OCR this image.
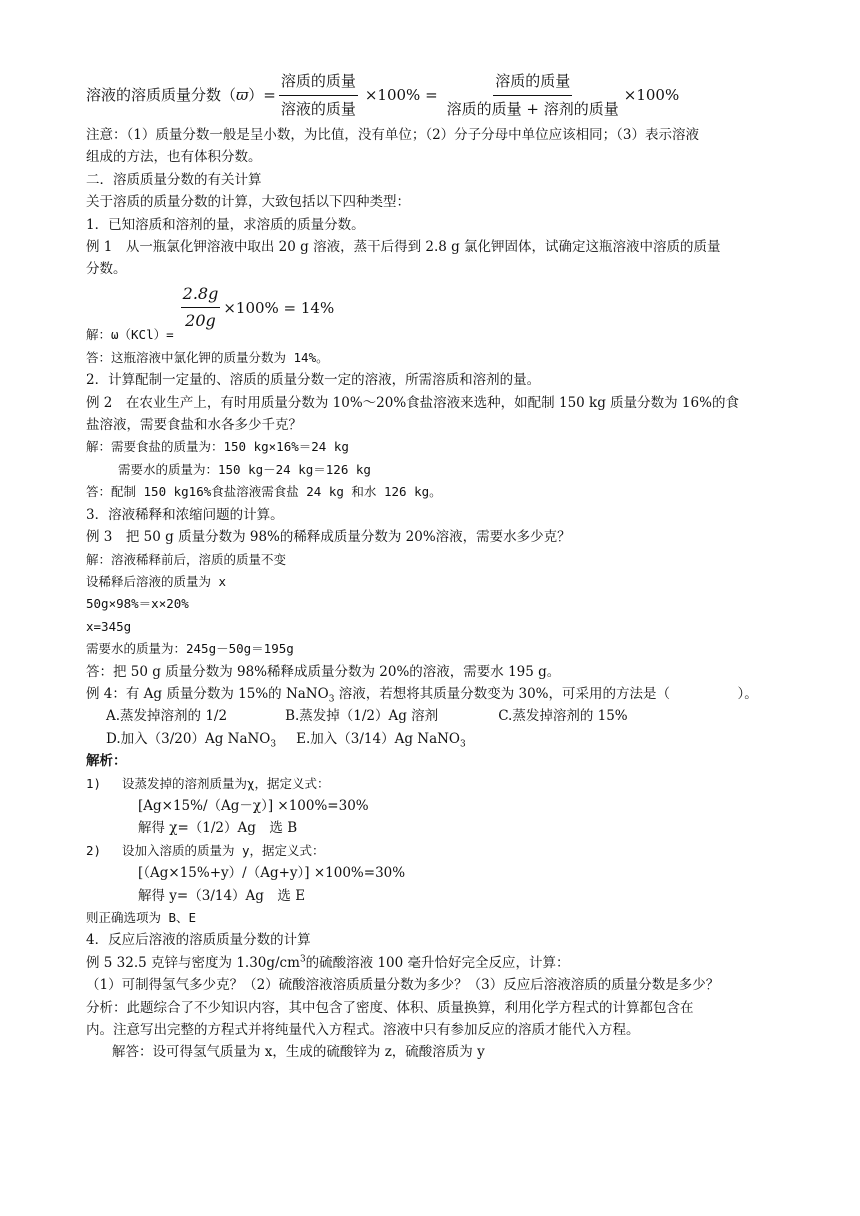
溶液的溶质质量分数（ ϖ ）= $\frac{\text{溶质的质量}}{\text{溶液的质量}} \times 100\% = \frac{\text{溶质的质量}}{\text{溶质的质量 + 溶剂的质量}} \times 100\%$
注意：（1）质量分数一般是呈小数，为比值，没有单位；（2）分子分母中单位应该相同；（3）表示溶液
组成的方法，也有体积分数。
二．溶质质量分数的有关计算
关于溶质的质量分数的计算，大致包括以下四种类型：
1．已知溶质和溶剂的量，求溶质的质量分数。
例 1　从一瓶氯化钾溶液中取出 20 g 溶液，蒸干后得到 2.8 g 氯化钾固体，试确定这瓶溶液中溶质的质量
分数。
解：ω（KCl）=
$\frac{2.8g}{20g} \times 100\% = 14\%$
答：这瓶溶液中氯化钾的质量分数为 14%。
2．计算配制一定量的、溶质的质量分数一定的溶液，所需溶质和溶剂的量。
例 2　在农业生产上，有时用质量分数为 10%～20%食盐溶液来选种，如配制 150 kg 质量分数为 16%的食
盐溶液，需要食盐和水各多少千克？
解：需要食盐的质量为：150 kg×16%＝24 kg
需要水的质量为：150 kg－24 kg＝126 kg
答：配制 150 kg16%食盐溶液需食盐 24 kg 和水 126 kg。
3．溶液稀释和浓缩问题的计算。
例 3　把 50 g 质量分数为 98%的稀释成质量分数为 20%溶液，需要水多少克？
解：溶液稀释前后，溶质的质量不变
设稀释后溶液的质量为 x
50g×98%＝x×20%
x=345g
需要水的质量为：245g－50g＝195g
答：把 50 g 质量分数为 98%稀释成质量分数为 20%的溶液，需要水 195 g。
例 4：有 Ag 质量分数为 15%的 NaNO$_3$ 溶液，若想将其质量分数变为 30%，可采用的方法是（　　　　　）。
A.蒸发掉溶剂的 1/2	B.蒸发掉（1/2）Ag 溶剂	C.蒸发掉溶剂的 15%
D.加入（3/20）Ag NaNO$_3$ E.加入（3/14）Ag NaNO$_3$
解析：
1) 设蒸发掉的溶剂质量为χ，据定义式：
[Ag×15%/（Ag－χ）] ×100%=30%
解得 χ=（1/2）Ag　选 B
2) 设加入溶质的质量为 y，据定义式：
[（Ag×15%+y）/（Ag+y）] ×100%=30%
解得 y=（3/14）Ag　选 E
则正确选项为 B、E
4．反应后溶液的溶质质量分数的计算
例 5 32.5 克锌与密度为 $1.30g/cm^3$的硫酸溶液 100 毫升恰好完全反应，计算：
（1）可制得氢气多少克？（2）硫酸溶液溶质质量分数为多少？（3）反应后溶液溶质的质量分数是多少？
分析：此题综合了不少知识内容，其中包含了密度、体积、质量换算，利用化学方程式的计算都包含在
内。注意写出完整的方程式并将纯量代入方程式。溶液中只有参加反应的溶质才能代入方程。
解答：设可得氢气质量为 x，生成的硫酸锌为 z，硫酸溶质为 y
